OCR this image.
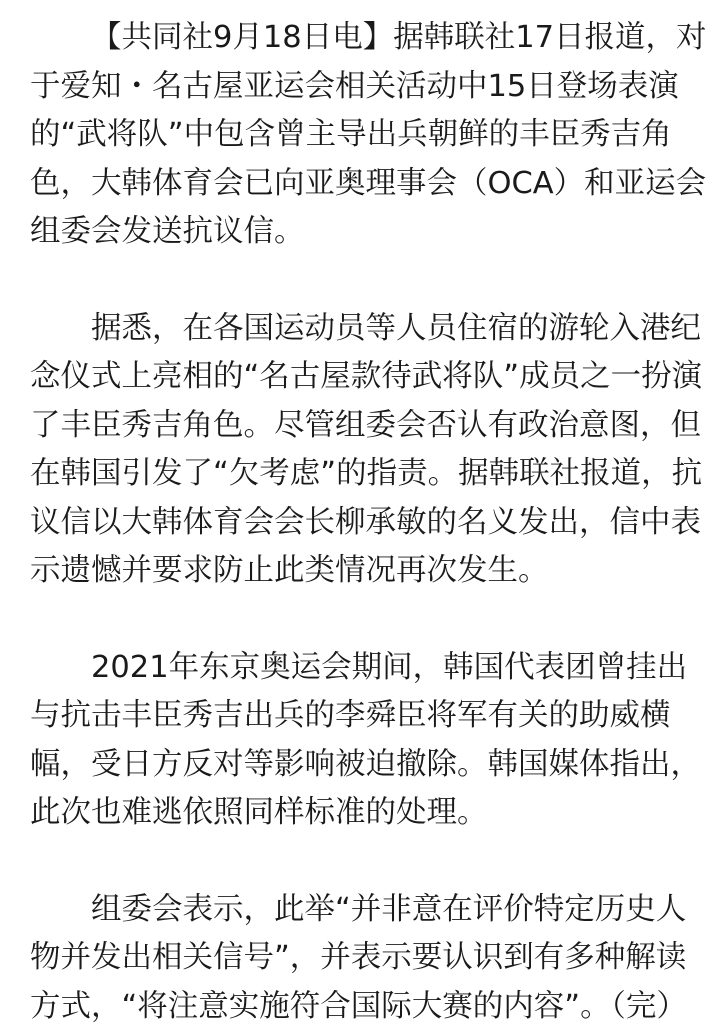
【共同社9月18日电】据韩联社17日报道，对于爱知・名古屋亚运会相关活动中15日登场表演的“武将队”中包含曾主导出兵朝鲜的丰臣秀吉角色，大韩体育会已向亚奥理事会（OCA）和亚运会组委会发送抗议信。

据悉，在各国运动员等人员住宿的游轮入港纪念仪式上亮相的“名古屋款待武将队”成员之一扮演了丰臣秀吉角色。尽管组委会否认有政治意图，但在韩国引发了“欠考虑”的指责。据韩联社报道，抗议信以大韩体育会会长柳承敏的名义发出，信中表示遗憾并要求防止此类情况再次发生。

2021年东京奥运会期间，韩国代表团曾挂出与抗击丰臣秀吉出兵的李舜臣将军有关的助威横幅，受日方反对等影响被迫撤除。韩国媒体指出，此次也难逃依照同样标准的处理。

组委会表示，此举“并非意在评价特定历史人物并发出相关信号”，并表示要认识到有多种解读方式，“将注意实施符合国际大赛的内容”。（完）
